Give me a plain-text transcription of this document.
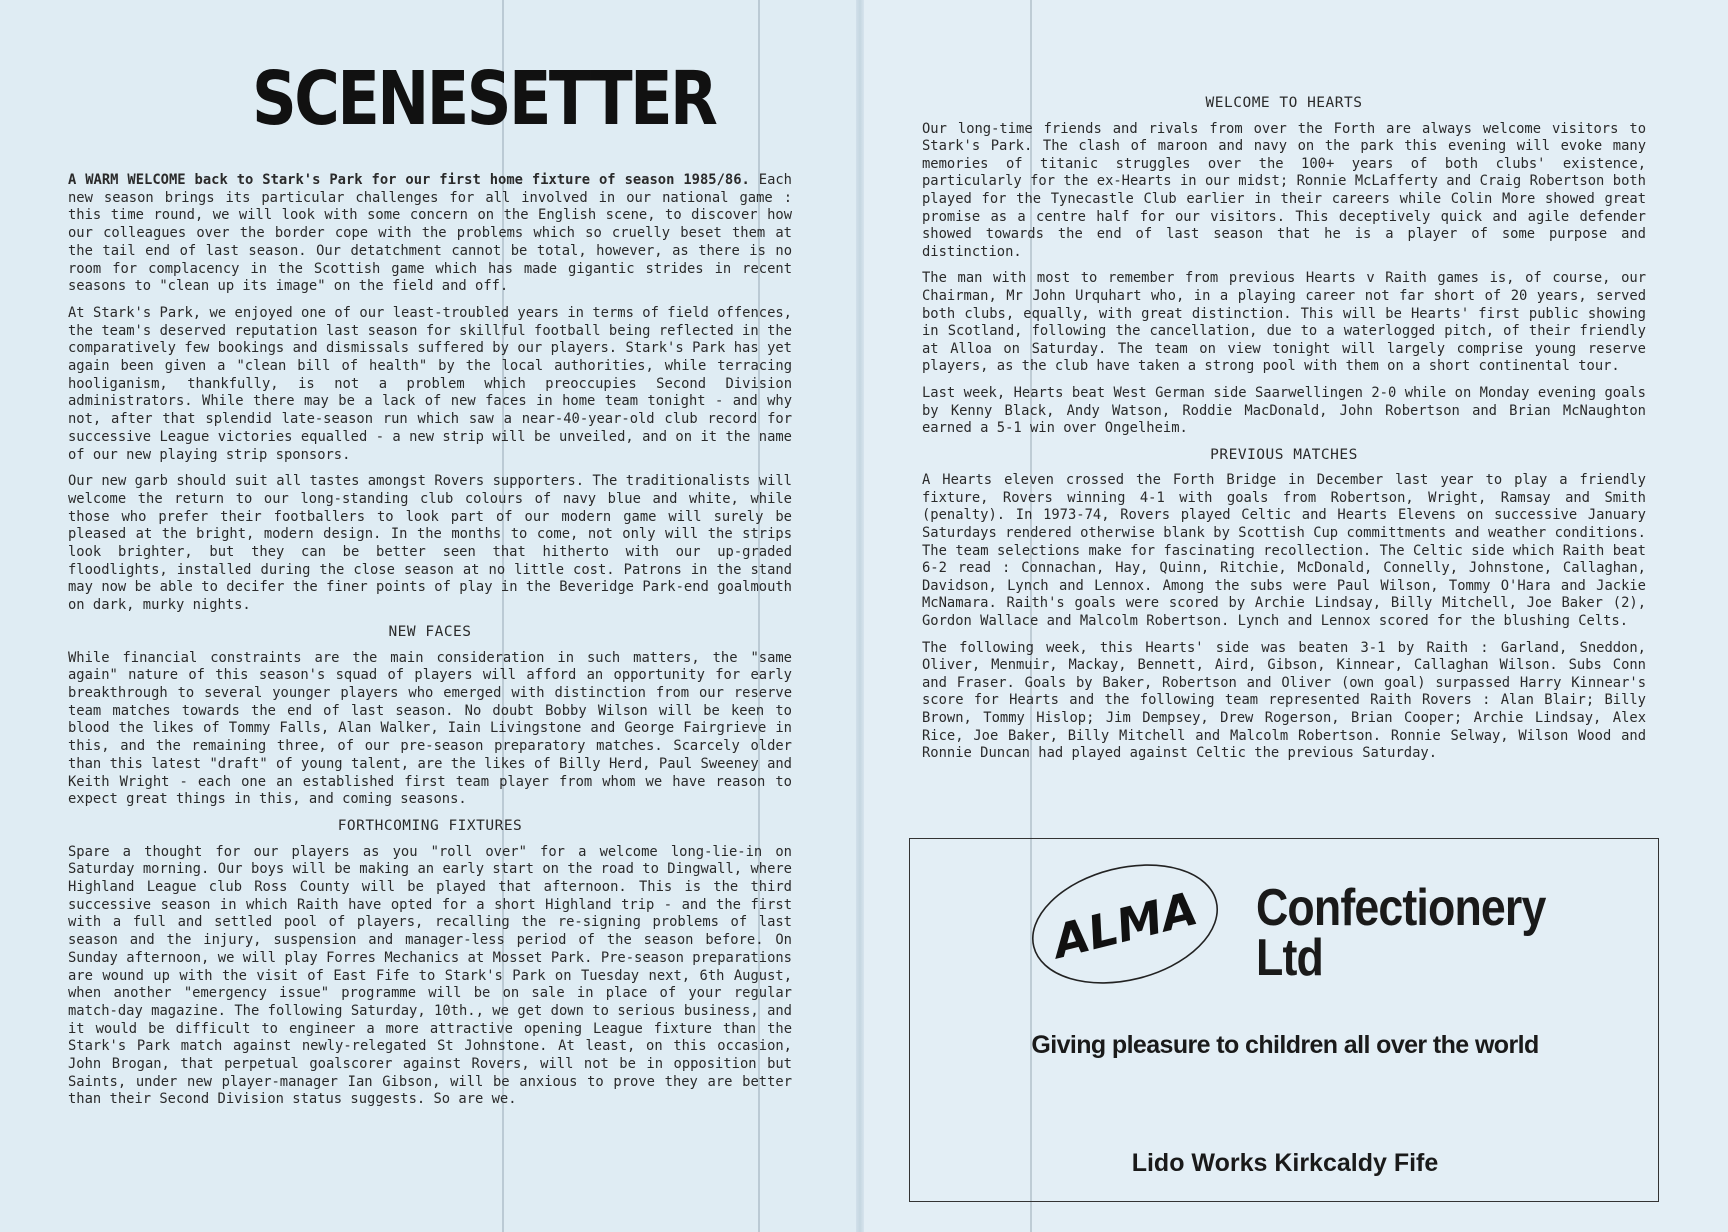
SCENESETTER

A WARM WELCOME back to Stark's Park for our first home fixture of season 1985/86. Each new season brings its particular challenges for all involved in our national game : this time round, we will look with some concern on the English scene, to discover how our colleagues over the border cope with the problems which so cruelly beset them at the tail end of last season. Our detatchment cannot be total, however, as there is no room for complacency in the Scottish game which has made gigantic strides in recent seasons to "clean up its image" on the field and off.

At Stark's Park, we enjoyed one of our least-troubled years in terms of field offences, the team's deserved reputation last season for skillful football being reflected in the comparatively few bookings and dismissals suffered by our players. Stark's Park has yet again been given a "clean bill of health" by the local authorities, while terracing hooliganism, thankfully, is not a problem which preoccupies Second Division administrators. While there may be a lack of new faces in home team tonight - and why not, after that splendid late-season run which saw a near-40-year-old club record for successive League victories equalled - a new strip will be unveiled, and on it the name of our new playing strip sponsors.

Our new garb should suit all tastes amongst Rovers supporters. The traditionalists will welcome the return to our long-standing club colours of navy blue and white, while those who prefer their footballers to look part of our modern game will surely be pleased at the bright, modern design. In the months to come, not only will the strips look brighter, but they can be better seen that hitherto with our up-graded floodlights, installed during the close season at no little cost. Patrons in the stand may now be able to decifer the finer points of play in the Beveridge Park-end goalmouth on dark, murky nights.

NEW FACES

While financial constraints are the main consideration in such matters, the "same again" nature of this season's squad of players will afford an opportunity for early breakthrough to several younger players who emerged with distinction from our reserve team matches towards the end of last season. No doubt Bobby Wilson will be keen to blood the likes of Tommy Falls, Alan Walker, Iain Livingstone and George Fairgrieve in this, and the remaining three, of our pre-season preparatory matches. Scarcely older than this latest "draft" of young talent, are the likes of Billy Herd, Paul Sweeney and Keith Wright - each one an established first team player from whom we have reason to expect great things in this, and coming seasons.

FORTHCOMING FIXTURES

Spare a thought for our players as you "roll over" for a welcome long-lie-in on Saturday morning. Our boys will be making an early start on the road to Dingwall, where Highland League club Ross County will be played that afternoon. This is the third successive season in which Raith have opted for a short Highland trip - and the first with a full and settled pool of players, recalling the re-signing problems of last season and the injury, suspension and manager-less period of the season before. On Sunday afternoon, we will play Forres Mechanics at Mosset Park. Pre-season preparations are wound up with the visit of East Fife to Stark's Park on Tuesday next, 6th August, when another "emergency issue" programme will be on sale in place of your regular match-day magazine. The following Saturday, 10th., we get down to serious business, and it would be difficult to engineer a more attractive opening League fixture than the Stark's Park match against newly-relegated St Johnstone. At least, on this occasion, John Brogan, that perpetual goalscorer against Rovers, will not be in opposition but Saints, under new player-manager Ian Gibson, will be anxious to prove they are better than their Second Division status suggests. So are we.

WELCOME TO HEARTS

Our long-time friends and rivals from over the Forth are always welcome visitors to Stark's Park. The clash of maroon and navy on the park this evening will evoke many memories of titanic struggles over the 100+ years of both clubs' existence, particularly for the ex-Hearts in our midst; Ronnie McLafferty and Craig Robertson both played for the Tynecastle Club earlier in their careers while Colin More showed great promise as a centre half for our visitors. This deceptively quick and agile defender showed towards the end of last season that he is a player of some purpose and distinction.

The man with most to remember from previous Hearts v Raith games is, of course, our Chairman, Mr John Urquhart who, in a playing career not far short of 20 years, served both clubs, equally, with great distinction. This will be Hearts' first public showing in Scotland, following the cancellation, due to a waterlogged pitch, of their friendly at Alloa on Saturday. The team on view tonight will largely comprise young reserve players, as the club have taken a strong pool with them on a short continental tour.

Last week, Hearts beat West German side Saarwellingen 2-0 while on Monday evening goals by Kenny Black, Andy Watson, Roddie MacDonald, John Robertson and Brian McNaughton earned a 5-1 win over Ongelheim.

PREVIOUS MATCHES

A Hearts eleven crossed the Forth Bridge in December last year to play a friendly fixture, Rovers winning 4-1 with goals from Robertson, Wright, Ramsay and Smith (penalty). In 1973-74, Rovers played Celtic and Hearts Elevens on successive January Saturdays rendered otherwise blank by Scottish Cup committments and weather conditions. The team selections make for fascinating recollection. The Celtic side which Raith beat 6-2 read : Connachan, Hay, Quinn, Ritchie, McDonald, Connelly, Johnstone, Callaghan, Davidson, Lynch and Lennox. Among the subs were Paul Wilson, Tommy O'Hara and Jackie McNamara. Raith's goals were scored by Archie Lindsay, Billy Mitchell, Joe Baker (2), Gordon Wallace and Malcolm Robertson. Lynch and Lennox scored for the blushing Celts.

The following week, this Hearts' side was beaten 3-1 by Raith : Garland, Sneddon, Oliver, Menmuir, Mackay, Bennett, Aird, Gibson, Kinnear, Callaghan Wilson. Subs Conn and Fraser. Goals by Baker, Robertson and Oliver (own goal) surpassed Harry Kinnear's score for Hearts and the following team represented Raith Rovers : Alan Blair; Billy Brown, Tommy Hislop; Jim Dempsey, Drew Rogerson, Brian Cooper; Archie Lindsay, Alex Rice, Joe Baker, Billy Mitchell and Malcolm Robertson. Ronnie Selway, Wilson Wood and Ronnie Duncan had played against Celtic the previous Saturday.

ALMA Confectionery
Ltd
Giving pleasure to children all over the world
Lido Works Kirkcaldy Fife
